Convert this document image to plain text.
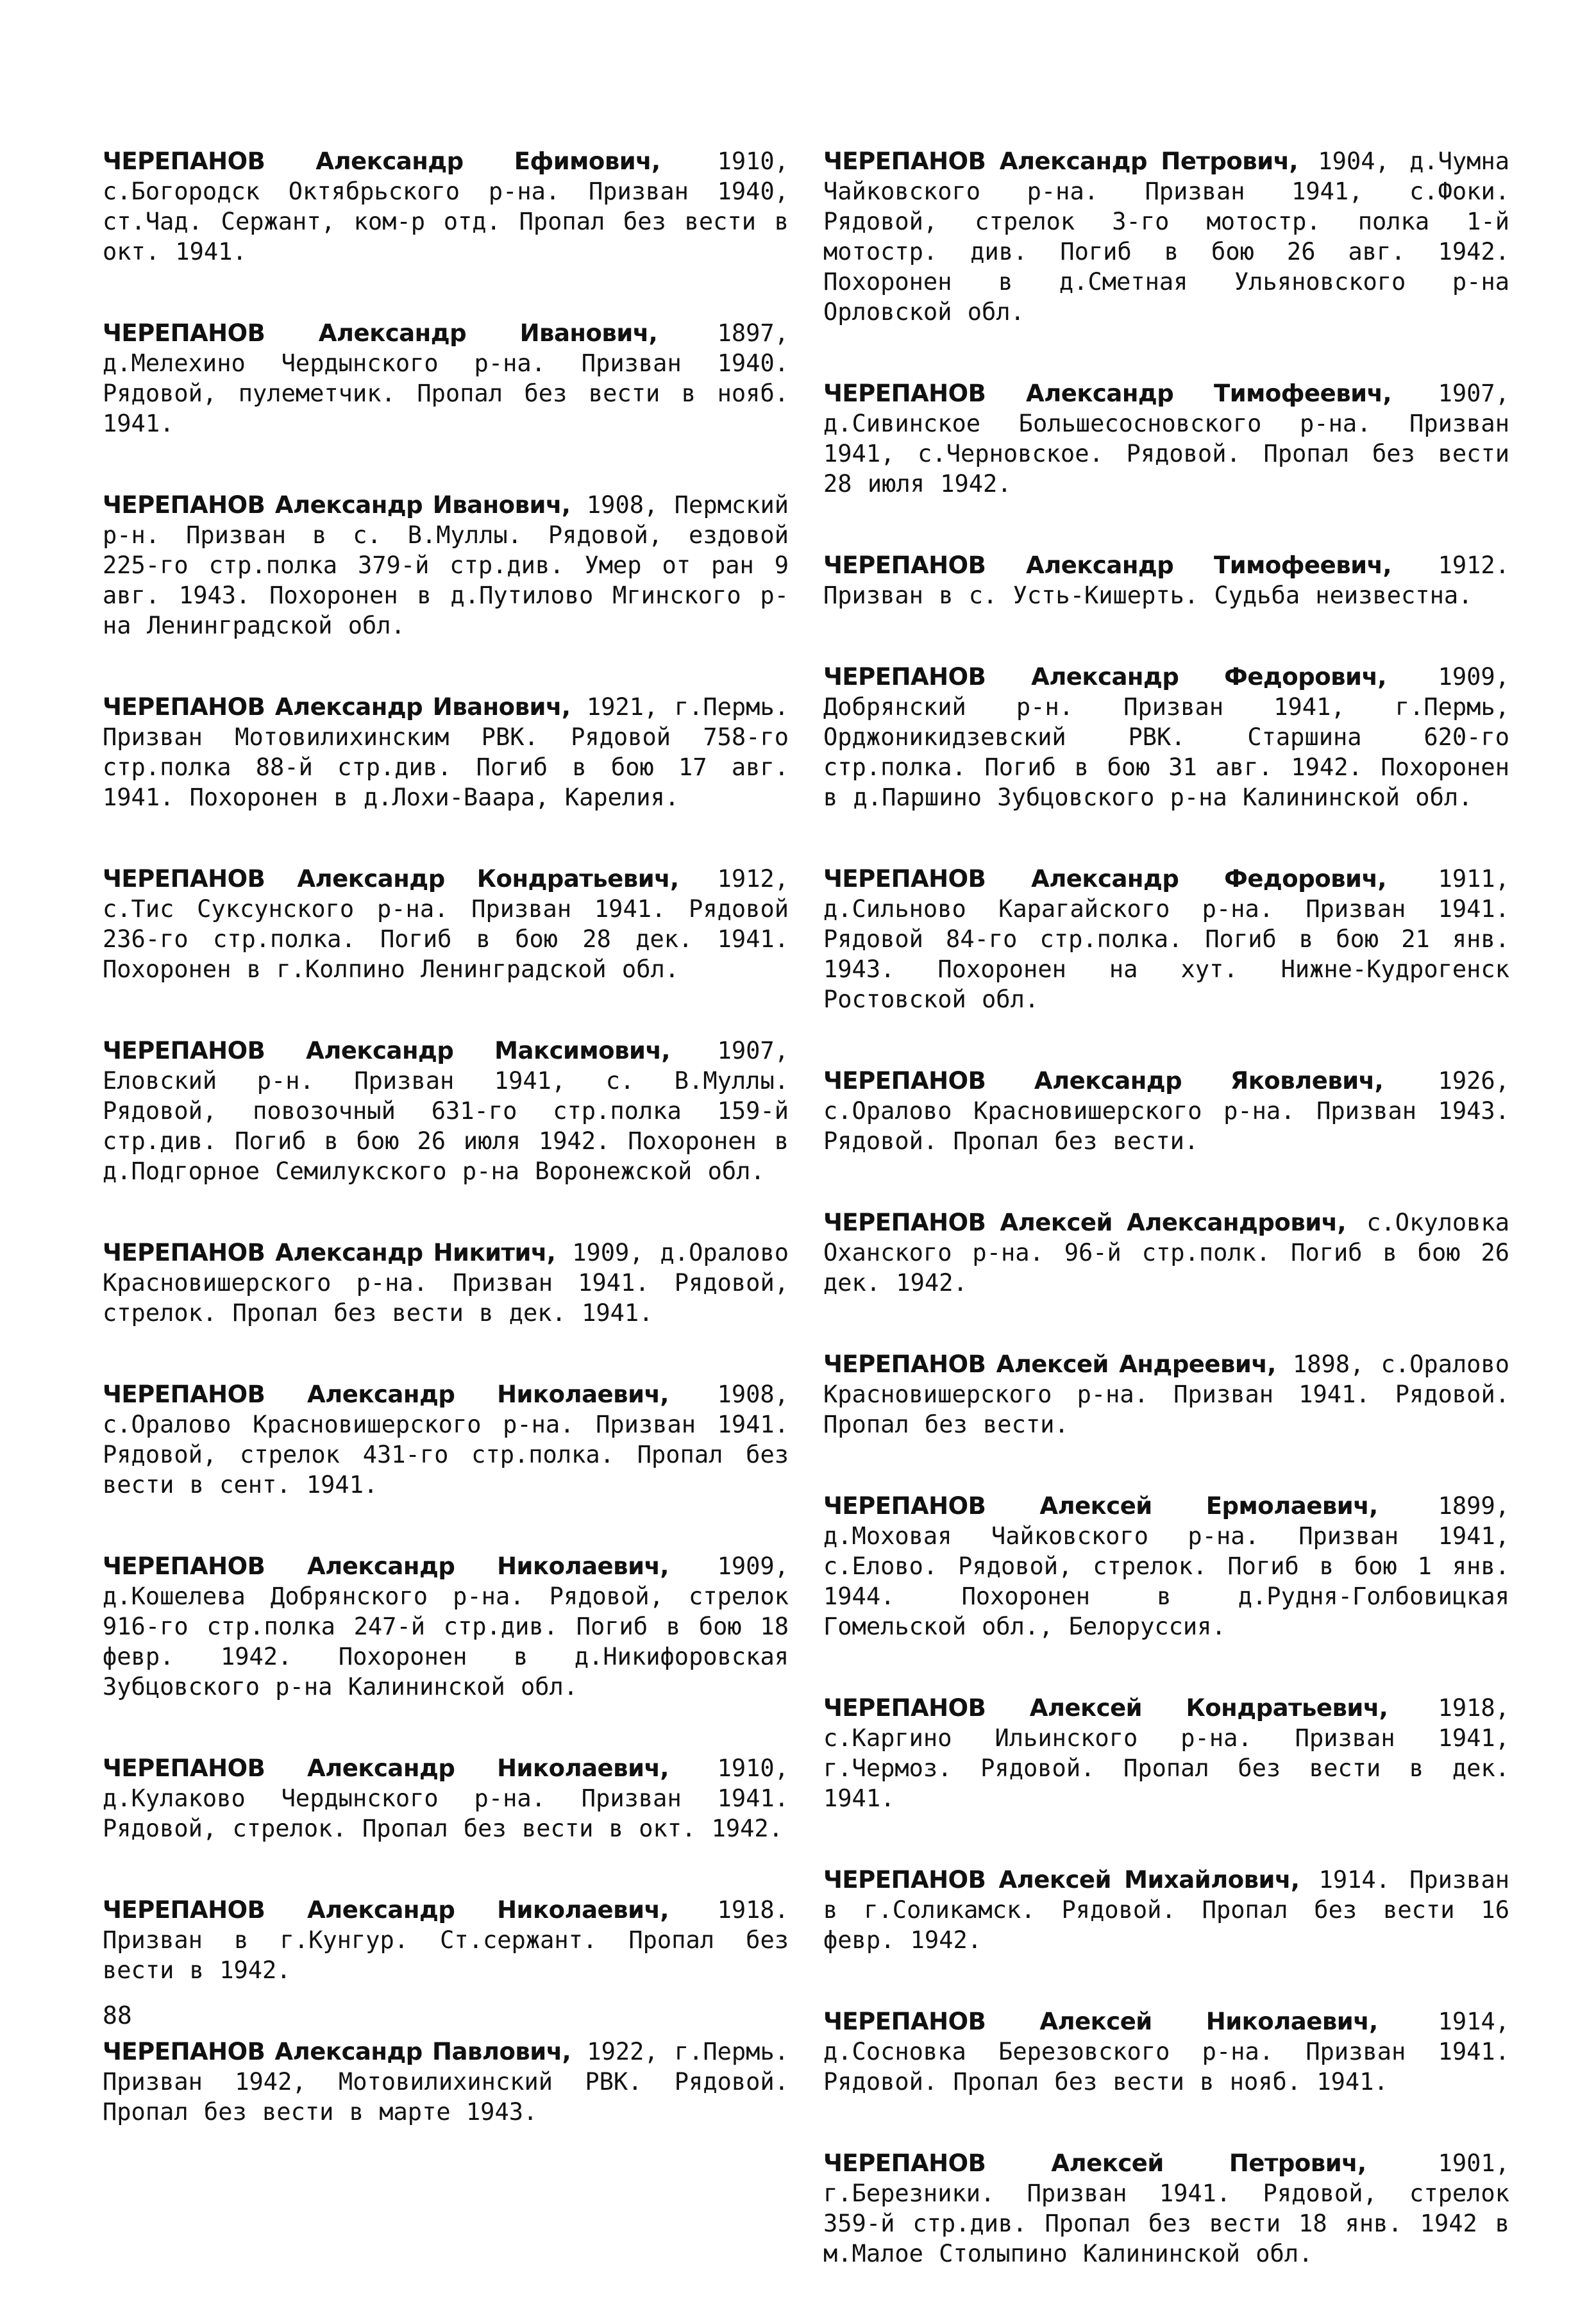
ЧЕРЕПАНОВ Александр Ефимович, 1910, с.Богородск Октябрьского р-на. Призван 1940, ст.Чад. Сержант, ком-р отд. Пропал без вести в окт. 1941.

ЧЕРЕПАНОВ Александр Иванович,	1897, д.Мелехино Чердынского р-на. Призван 1940. Рядовой, пулеметчик. Пропал без вести в нояб. 1941.

ЧЕРЕПАНОВ Александр Иванович, 1908, Пермский р-н. Призван в с. В.Муллы. Рядовой, ездовой 225-го стр.полка 379-й стр.див. Умер от ран 9 авг. 1943. Похоронен в д.Путилово Мгинского р-на Ленинградской обл.

ЧЕРЕПАНОВ Александр Иванович, 1921, г.Пермь. Призван Мотовилихинским РВК. Рядовой 758-го стр.полка 88-й стр.див. Погиб в бою 17 авг. 1941. Похоронен в д.Лохи-Ваара, Карелия.

ЧЕРЕПАНОВ Александр Кондратьевич, 1912, с.Тис Суксунского р-на. Призван 1941. Рядовой 236-го стр.полка. Погиб в бою 28 дек. 1941. Похоронен в г.Колпино Ленинградской обл.

ЧЕРЕПАНОВ Александр Максимович, 1907, Еловский р-н. Призван 1941, с. В.Муллы. Рядовой, повозочный 631-го стр.полка 159-й стр.див. Погиб в бою 26 июля 1942. Похоронен в д.Подгорное Семилукского р-на Воронежской обл.

ЧЕРЕПАНОВ Александр Никитич, 1909, д.Оралово Красновишерского р-на. Призван 1941. Рядовой, стрелок. Пропал без вести в дек. 1941.

ЧЕРЕПАНОВ Александр Николаевич, 1908, с.Оралово Красновишерского р-на. Призван 1941. Рядовой, стрелок 431-го стр.полка. Пропал без вести в сент. 1941.

ЧЕРЕПАНОВ Александр Николаевич, 1909, д.Кошелева Добрянского р-на. Рядовой, стрелок 916-го стр.полка 247-й стр.див. Погиб в бою 18 февр. 1942. Похоронен в д.Никифоровская Зубцовского р-на Калининской обл.

ЧЕРЕПАНОВ Александр Николаевич, 1910, д.Кулаково Чердынского р-на. Призван 1941. Рядовой, стрелок. Пропал без вести в окт. 1942.

ЧЕРЕПАНОВ Александр Николаевич, 1918. Призван в г.Кунгур. Ст.сержант. Пропал без вести в 1942.

ЧЕРЕПАНОВ Александр Павлович, 1922, г.Пермь. Призван 1942, Мотовилихинский РВК. Рядовой. Пропал без вести в марте 1943.

ЧЕРЕПАНОВ Александр Петрович, 1904, д.Чумна Чайковского р-на. Призван 1941, с.Фоки. Рядовой, стрелок 3-го мотостр. полка 1-й мотостр. див. Погиб в бою 26 авг. 1942. Похоронен в д.Сметная Ульяновского р-на Орловской обл.

ЧЕРЕПАНОВ Александр Тимофеевич, 1907, д.Сивинское Большесосновского р-на. Призван 1941, с.Черновское. Рядовой. Пропал без вести 28 июля 1942.

ЧЕРЕПАНОВ Александр Тимофеевич, 1912. Призван в с. Усть-Кишерть. Судьба неизвестна.

ЧЕРЕПАНОВ Александр Федорович, 1909, Добрянский р-н. Призван 1941, г.Пермь, Орджоникидзевский РВК. Старшина 620-го стр.полка. Погиб в бою 31 авг. 1942. Похоронен в д.Паршино Зубцовского р-на Калининской обл.

ЧЕРЕПАНОВ Александр Федорович, 1911, д.Сильново Карагайского р-на. Призван 1941. Рядовой 84-го стр.полка. Погиб в бою 21 янв. 1943. Похоронен на хут. Нижне-Кудрогенск Ростовской обл.

ЧЕРЕПАНОВ Александр Яковлевич, 1926, с.Оралово Красновишерского р-на. Призван 1943. Рядовой. Пропал без вести.

ЧЕРЕПАНОВ Алексей Александрович, с.Окуловка Оханского р-на. 96-й стр.полк. Погиб в бою 26 дек. 1942.

ЧЕРЕПАНОВ Алексей Андреевич, 1898, с.Оралово Красновишерского р-на. Призван 1941. Рядовой. Пропал без вести.

ЧЕРЕПАНОВ Алексей Ермолаевич,	1899, д.Моховая Чайковского р-на. Призван 1941, с.Елово. Рядовой, стрелок. Погиб в бою 1 янв. 1944. Похоронен в д.Рудня-Голбовицкая Гомельской обл., Белоруссия.

ЧЕРЕПАНОВ Алексей Кондратьевич, 1918, с.Каргино Ильинского р-на. Призван 1941, г.Чермоз. Рядовой. Пропал без вести в дек. 1941.

ЧЕРЕПАНОВ Алексей Михайлович, 1914. Призван в г.Соликамск. Рядовой. Пропал без вести 16 февр. 1942.

ЧЕРЕПАНОВ Алексей Николаевич,	1914, д.Сосновка Березовского р-на. Призван 1941. Рядовой. Пропал без вести в нояб. 1941.

ЧЕРЕПАНОВ Алексей Петрович,	1901, г.Березники. Призван 1941. Рядовой, стрелок 359-й стр.див. Пропал без вести 18 янв. 1942 в м.Малое Столыпино Калининской обл.

88
